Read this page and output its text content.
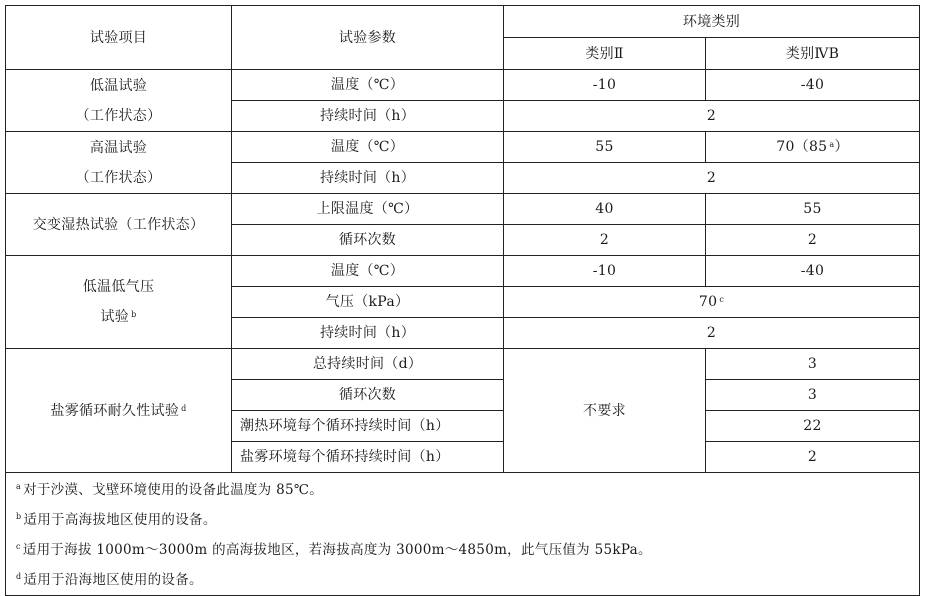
试验项目	试验参数	环境类别	
		类别Ⅱ	类别ⅣB

低温试验
（工作状态）	温度（℃）	-10	-40
	持续时间（h）	2	

高温试验
（工作状态）	温度（℃）	55	70（85 $^a$）
	持续时间（h）	2	
交变湿热试验（工作状态）	上限温度（℃）	40	55
	循环次数	2	2

低温低气压
试验 $^b$	温度（℃）	-10	-40
	气压（kPa）	70 $^c$
	持续时间（h）	2	
盐雾循环耐久性试验 $^d$	总持续时间（d）	不要求	3
	循环次数		3
	潮热环境每个循环持续时间（h）		22
	盐雾环境每个循环持续时间（h）		2

$^a$ 对于沙漠、戈壁环境使用的设备此温度为 85℃。
$^b$ 适用于高海拔地区使用的设备。
$^c$ 适用于海拔 1000m～3000m 的高海拔地区，若海拔高度为 3000m～4850m，此气压值为 55kPa。
$^d$ 适用于沿海地区使用的设备。			
